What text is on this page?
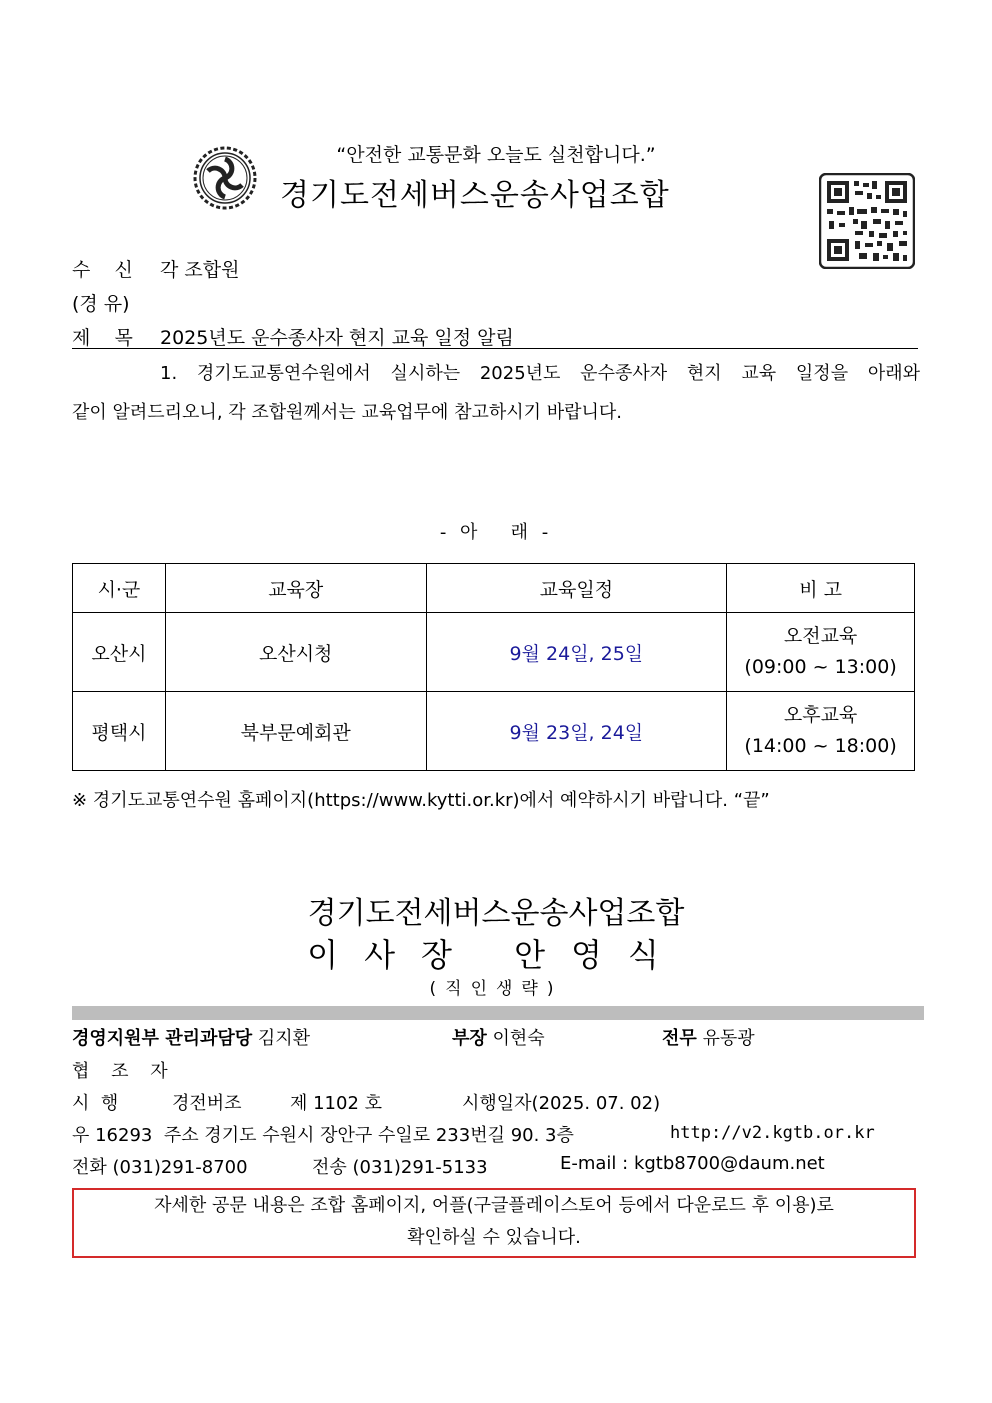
“안전한 교통문화 오늘도 실천합니다.”
경기도전세버스운송사업조합
수    신 각 조합원
(경 유)
제    목 2025년도 운수종사자 현지 교육 일정 알림

1. 경기도교통연수원에서 실시하는 2025년도 운수종사자 현지 교육 일정을 아래와

같이 알려드리오니, 각 조합원께서는 교육업무에 참고하시기 바랍니다.

- 아   래 -
시·군	교육장	교육일정	비 고
오산시	오산시청	9월 24일, 25일	오전교육
(09:00 ~ 13:00)

평택시	북부문예회관	9월 23일, 24일	오후교육
(14:00 ~ 18:00)
※ 경기도교통연수원 홈페이지(https://www.kytti.or.kr)에서 예약하시기 바랍니다. “끝”
경기도전세버스운송사업조합
이사장 안영식
(직인생략)
경영지원부 관리과담당 김지환	부장 이현숙	전무 유동광
협 조 자
시  행	경전버조	제 1102 호	시행일자(2025. 07. 02)
우 16293  주소 경기도 수원시 장안구 수일로 233번길 90. 3층	http://v2.kgtb.or.kr
전화 (031)291-8700	전송 (031)291-5133	E-mail : kgtb8700@daum.net

자세한 공문 내용은 조합 홈페이지, 어플(구글플레이스토어 등에서 다운로드 후 이용)로

확인하실 수 있습니다.
